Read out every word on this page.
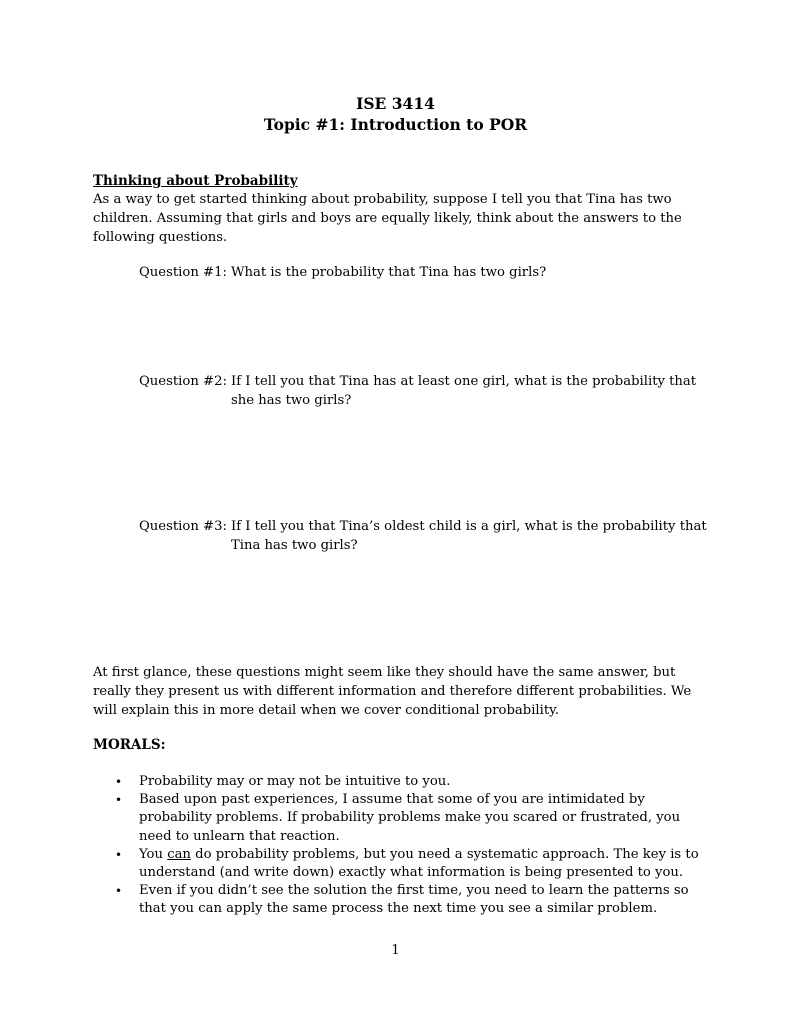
ISE 3414
Topic #1: Introduction to POR
Thinking about Probability
As a way to get started thinking about probability, suppose I tell you that Tina has two children. Assuming that girls and boys are equally likely, think about the answers to the following questions.
Question #1: What is the probability that Tina has two girls?
Question #2: If I tell you that Tina has at least one girl, what is the probability that she has two girls?
Question #3: If I tell you that Tina’s oldest child is a girl, what is the probability that Tina has two girls?
At first glance, these questions might seem like they should have the same answer, but really they present us with different information and therefore different probabilities. We will explain this in more detail when we cover conditional probability.
MORALS:
• Probability may or may not be intuitive to you.
• Based upon past experiences, I assume that some of you are intimidated by probability problems. If probability problems make you scared or frustrated, you need to unlearn that reaction.
• You can do probability problems, but you need a systematic approach. The key is to understand (and write down) exactly what information is being presented to you.
• Even if you didn’t see the solution the first time, you need to learn the patterns so that you can apply the same process the next time you see a similar problem.
1
